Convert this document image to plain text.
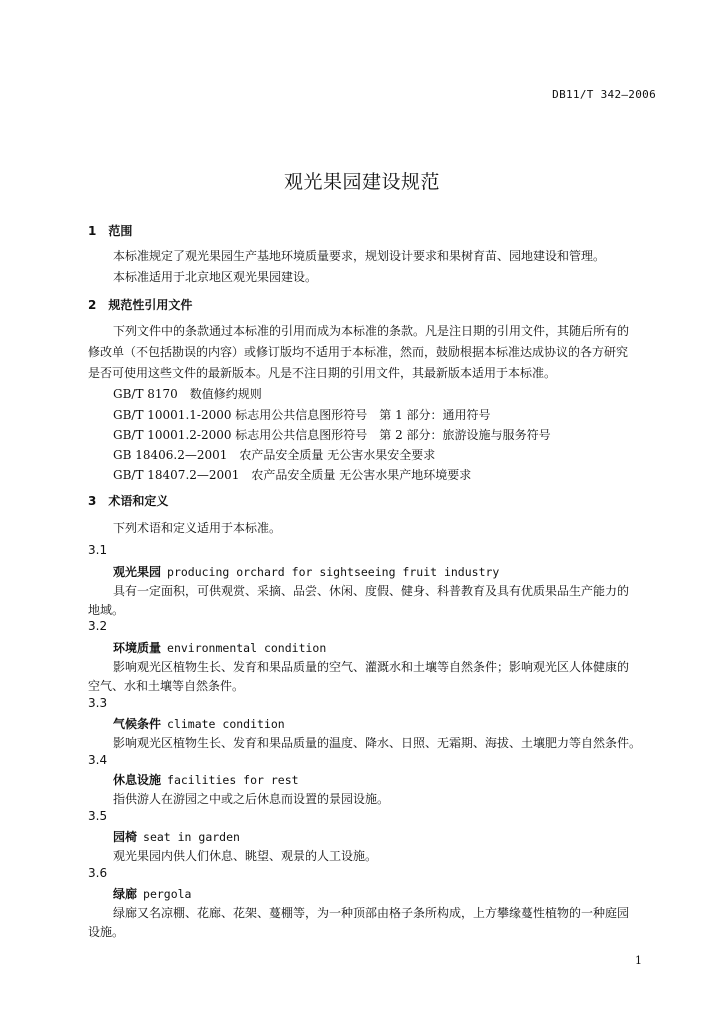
DB11/T 342—2006
观光果园建设规范
1 范围
本标准规定了观光果园生产基地环境质量要求，规划设计要求和果树育苗、园地建设和管理。
本标准适用于北京地区观光果园建设。
2 规范性引用文件
下列文件中的条款通过本标准的引用而成为本标准的条款。凡是注日期的引用文件，其随后所有的
修改单（不包括勘误的内容）或修订版均不适用于本标准，然而，鼓励根据本标准达成协议的各方研究
是否可使用这些文件的最新版本。凡是不注日期的引用文件，其最新版本适用于本标准。
GB/T 8170　数值修约规则
GB/T 10001.1-2000 标志用公共信息图形符号　第 1 部分：通用符号
GB/T 10001.2-2000 标志用公共信息图形符号　第 2 部分：旅游设施与服务符号
GB 18406.2—2001　农产品安全质量 无公害水果安全要求
GB/T 18407.2—2001　农产品安全质量 无公害水果产地环境要求
3 术语和定义
下列术语和定义适用于本标准。
3.1
观光果园 producing orchard for sightseeing fruit industry
具有一定面积，可供观赏、采摘、品尝、休闲、度假、健身、科普教育及具有优质果品生产能力的
地域。
3.2
环境质量 environmental condition
影响观光区植物生长、发育和果品质量的空气、灌溉水和土壤等自然条件；影响观光区人体健康的
空气、水和土壤等自然条件。
3.3
气候条件 climate condition
影响观光区植物生长、发育和果品质量的温度、降水、日照、无霜期、海拔、土壤肥力等自然条件。
3.4
休息设施 facilities for rest
指供游人在游园之中或之后休息而设置的景园设施。
3.5
园椅 seat in garden
观光果园内供人们休息、眺望、观景的人工设施。
3.6
绿廊 pergola
绿廊又名凉棚、花廊、花架、蔓棚等，为一种顶部由格子条所构成，上方攀缘蔓性植物的一种庭园
设施。
1
